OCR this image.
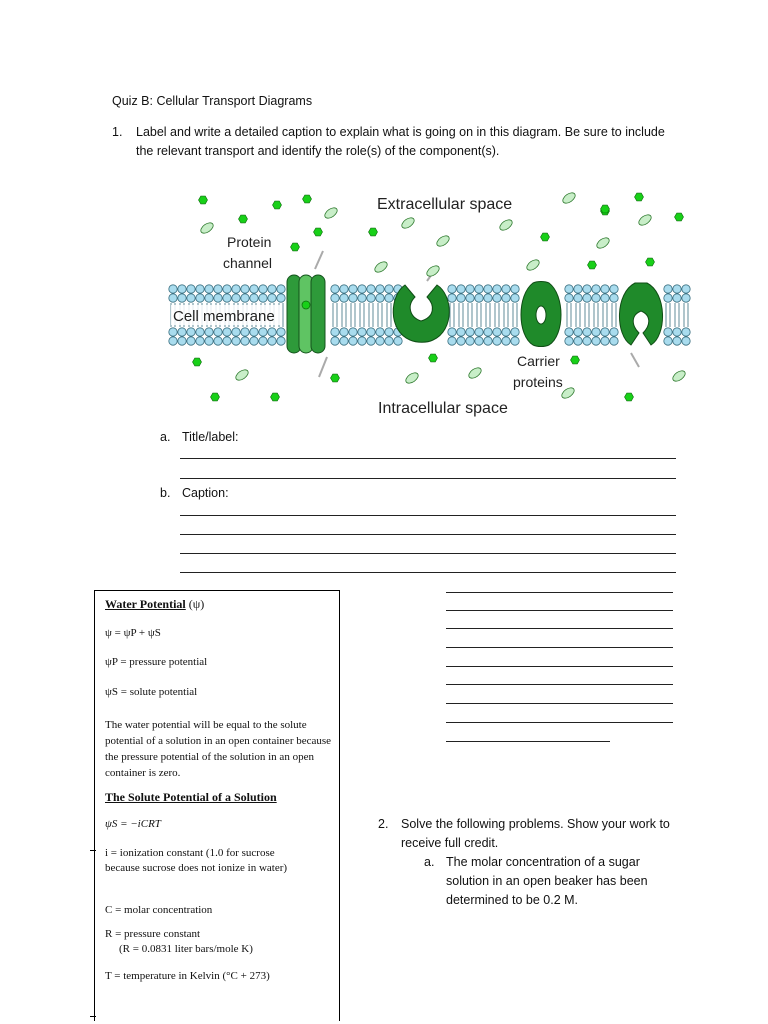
Quiz B: Cellular Transport Diagrams
1. Label and write a detailed caption to explain what is going on in this diagram. Be sure to include the relevant transport and identify the role(s) of the component(s).
Extracellular space
Protein
channel
Cell membrane
Carrier
proteins
Intracellular space
a. Title/label:
b. Caption:

Water Potential (ψ)

ψ = ψP + ψS

ψP = pressure potential

ψS = solute potential

The water potential will be equal to the solute potential of a solution in an open container because the pressure potential of the solution in an open container is zero.

The Solute Potential of a Solution

ψS = −iCRT

i = ionization constant (1.0 for sucrose because sucrose does not ionize in water)

C = molar concentration

R = pressure constant

(R = 0.0831 liter bars/mole K)

T = temperature in Kelvin (°C + 273)

2. Solve the following problems. Show your work to receive full credit.
a. The molar concentration of a sugar solution in an open beaker has been determined to be 0.2 M.
